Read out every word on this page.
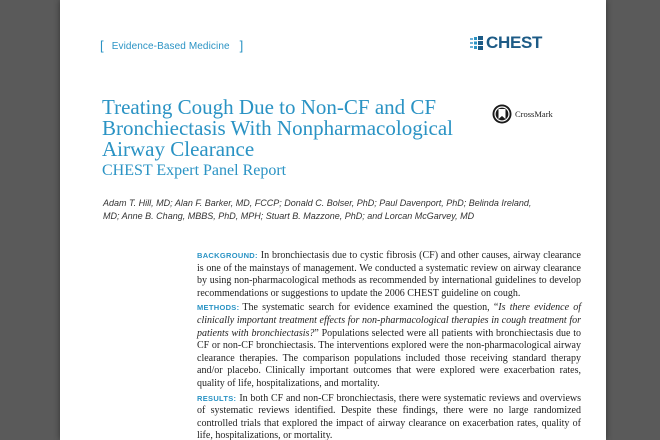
[ Evidence-Based Medicine ]	CHEST
Treating Cough Due to Non-CF and CF Bronchiectasis With Nonpharmacological Airway Clearance
CHEST Expert Panel Report
CrossMark
Adam T. Hill, MD; Alan F. Barker, MD, FCCP; Donald C. Bolser, PhD; Paul Davenport, PhD; Belinda Ireland, MD; Anne B. Chang, MBBS, PhD, MPH; Stuart B. Mazzone, PhD; and Lorcan McGarvey, MD

BACKGROUND: In bronchiectasis due to cystic fibrosis (CF) and other causes, airway clearance is one of the mainstays of management. We conducted a systematic review on airway clearance by using non-pharmacological methods as recommended by international guidelines to develop recommendations or suggestions to update the 2006 CHEST guideline on cough.

METHODS: The systematic search for evidence examined the question, “Is there evidence of clinically important treatment effects for non-pharmacological therapies in cough treatment for patients with bronchiectasis?” Populations selected were all patients with bronchiectasis due to CF or non-CF bronchiectasis. The interventions explored were the non-pharmacological airway clearance therapies. The comparison populations included those receiving standard therapy and/or placebo. Clinically important outcomes that were explored were exacerbation rates, quality of life, hospitalizations, and mortality.

RESULTS: In both CF and non-CF bronchiectasis, there were systematic reviews and overviews of systematic reviews identified. Despite these findings, there were no large randomized controlled trials that explored the impact of airway clearance on exacerbation rates, quality of life, hospitalizations, or mortality.
